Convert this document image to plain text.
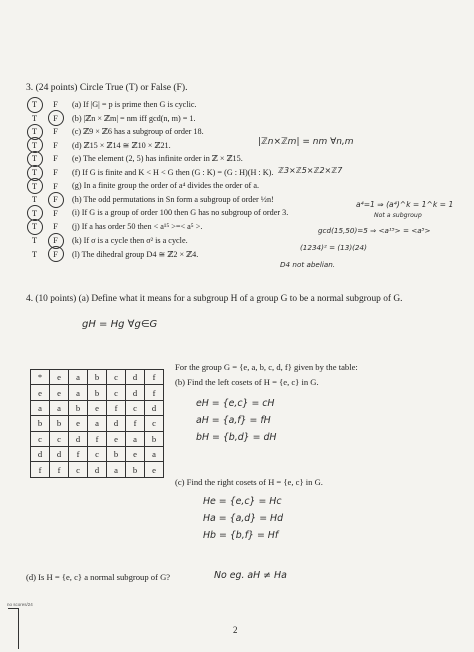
3. (24 points) Circle True (T) or False (F).
T	F	(a) If |G| = p is prime then G is cyclic.
T	F	(b) |ℤn × ℤm| = nm iff gcd(n, m) = 1.
T	F	(c) ℤ9 × ℤ6 has a subgroup of order 18.
T	F	(d) ℤ15 × ℤ14 ≅ ℤ10 × ℤ21.
T	F	(e) The element (2, 5) has infinite order in ℤ × ℤ15.
T	F	(f) If G is finite and K < H < G then (G : K) = (G : H)(H : K).
T	F	(g) In a finite group the order of a⁴ divides the order of a.
T	F	(h) The odd permutations in Sn form a subgroup of order ½n!
T	F	(i) If G is a group of order 100 then G has no subgroup of order 3.
T	F	(j) If a has order 50 then < a¹⁵ >=< a⁵ >.
T	F	(k) If σ is a cycle then σ² is a cycle.
T	F	(l) The dihedral group D4 ≅ ℤ2 × ℤ4.
|ℤn×ℤm| = nm ∀n,m
ℤ3×ℤ5×ℤ2×ℤ7
a⁴=1 ⇒ (a⁴)^k = 1^k = 1
Not a subgroup
gcd(15,50)=5 ⇒ <a¹⁵> = <a⁵>
(1234)² = (13)(24)
D4 not abelian.
4. (10 points) (a) Define what it means for a subgroup H of a group G to be a normal subgroup of G.
gH = Hg ∀g∈G
*	e	a	b	c	d	f
e	e	a	b	c	d	f
a	a	b	e	f	c	d
b	b	e	a	d	f	c
c	c	d	f	e	a	b
d	d	f	c	b	e	a
f	f	c	d	a	b	e
For the group G = {e, a, b, c, d, f} given by the table:
(b) Find the left cosets of H = {e, c} in G.
eH = {e,c} = cH
aH = {a,f} = fH
bH = {b,d} = dH
(c) Find the right cosets of H = {e, c} in G.
He = {e,c} = Hc
Ha = {a,d} = Hd
Hb = {b,f} = Hf
(d) Is H = {e, c} a normal subgroup of G?	No eg. aH ≠ Ha
no scores/24
2
